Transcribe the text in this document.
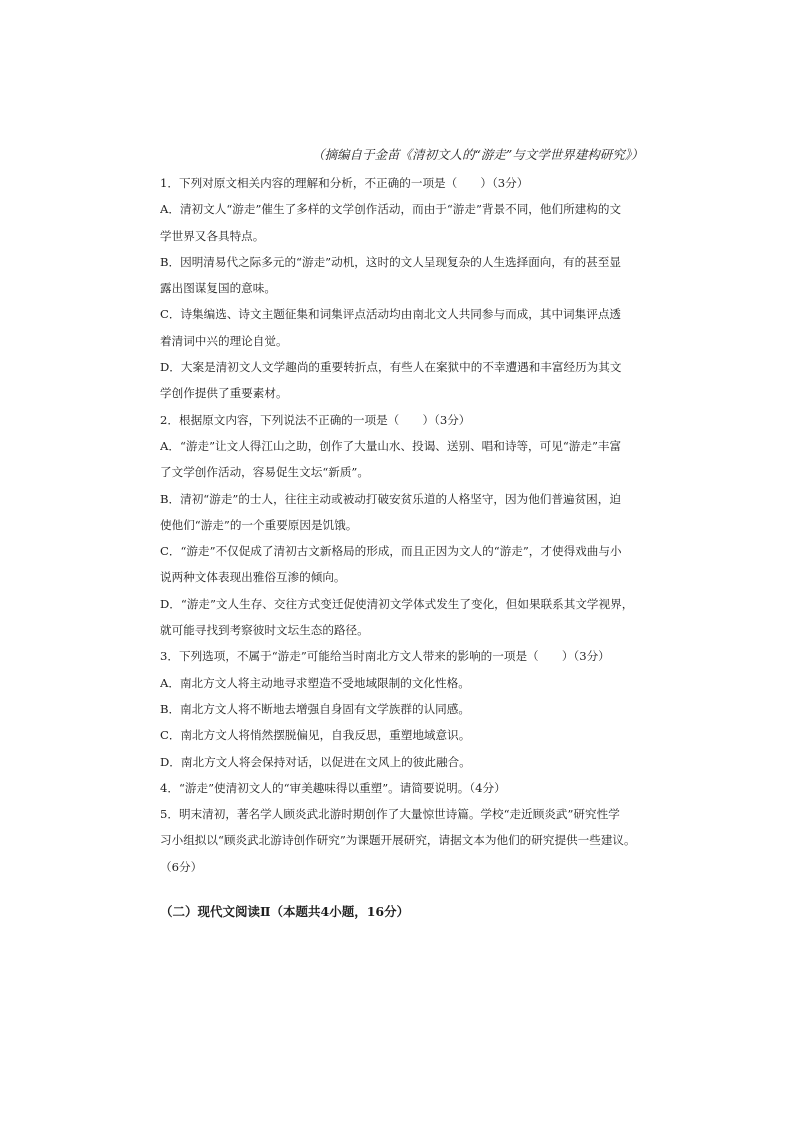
（摘编自于金苗《清初文人的“游走”与文学世界建构研究》）
1．下列对原文相关内容的理解和分析，不正确的一项是（　　）（3分）
A．清初文人“游走”催生了多样的文学创作活动，而由于“游走”背景不同，他们所建构的文
学世界又各具特点。
B．因明清易代之际多元的“游走”动机，这时的文人呈现复杂的人生选择面向，有的甚至显
露出图谋复国的意味。
C．诗集编选、诗文主题征集和词集评点活动均由南北文人共同参与而成，其中词集评点透
着清词中兴的理论自觉。
D．大案是清初文人文学趣尚的重要转折点，有些人在案狱中的不幸遭遇和丰富经历为其文
学创作提供了重要素材。
2．根据原文内容，下列说法不正确的一项是（　　）（3分）
A．“游走”让文人得江山之助，创作了大量山水、投谒、送别、唱和诗等，可见“游走”丰富
了文学创作活动，容易促生文坛“新质”。
B．清初“游走”的士人，往往主动或被动打破安贫乐道的人格坚守，因为他们普遍贫困，迫
使他们“游走”的一个重要原因是饥饿。
C．“游走”不仅促成了清初古文新格局的形成，而且正因为文人的“游走”，才使得戏曲与小
说两种文体表现出雅俗互渗的倾向。
D．“游走”文人生存、交往方式变迁促使清初文学体式发生了变化，但如果联系其文学视界，
就可能寻找到考察彼时文坛生态的路径。
3．下列选项，不属于“游走”可能给当时南北方文人带来的影响的一项是（　　）（3分）
A．南北方文人将主动地寻求塑造不受地域限制的文化性格。
B．南北方文人将不断地去增强自身固有文学族群的认同感。
C．南北方文人将悄然摆脱偏见，自我反思，重塑地域意识。
D．南北方文人将会保持对话，以促进在文风上的彼此融合。
4．“游走”使清初文人的“审美趣味得以重塑”。请简要说明。（4分）
5．明末清初，著名学人顾炎武北游时期创作了大量惊世诗篇。学校“走近顾炎武”研究性学
习小组拟以“顾炎武北游诗创作研究”为课题开展研究，请据文本为他们的研究提供一些建议。
（6分）
（二）现代文阅读Ⅱ（本题共4小题，16分）
